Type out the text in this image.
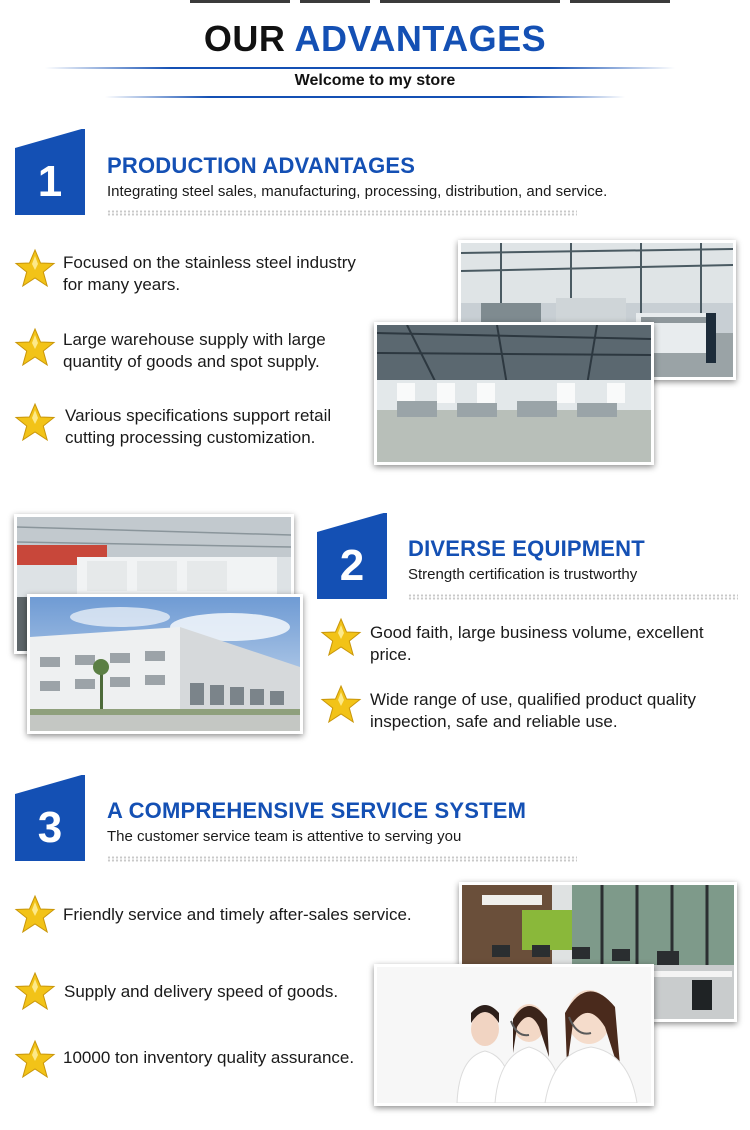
OUR ADVANTAGES
Welcome to my store
1	PRODUCTION ADVANTAGES
Integrating steel sales, manufacturing, processing, distribution, and service.
Focused on the stainless steel industry
for many years.
Large warehouse supply with large
quantity of goods and spot supply.
Various specifications support retail
cutting processing customization.
2	DIVERSE EQUIPMENT
Strength certification is trustworthy
Good faith, large business volume, excellent
price.
Wide range of use, qualified product quality
inspection, safe and reliable use.
3	A COMPREHENSIVE SERVICE SYSTEM
The customer service team is attentive to serving you
Friendly service and timely after-sales service.
Supply and delivery speed of goods.
10000 ton inventory quality assurance.
